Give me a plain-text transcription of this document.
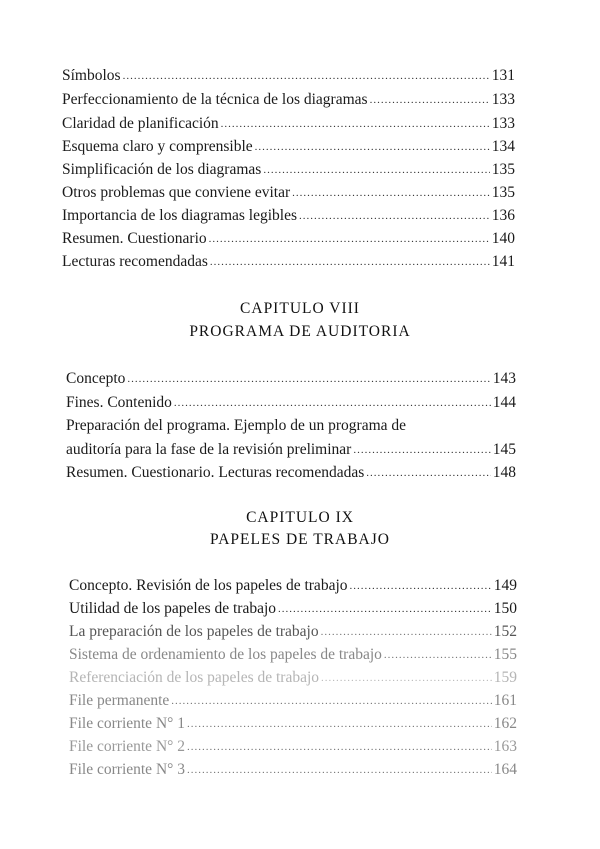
Símbolos .....	131
Perfeccionamiento de la técnica de los diagramas .....	133
Claridad de planificación .....	133
Esquema claro y comprensible .....	134
Simplificación de los diagramas .....	135
Otros problemas que conviene evitar .....	135
Importancia de los diagramas legibles .....	136
Resumen. Cuestionario .....	140
Lecturas recomendadas .....	141
CAPITULO VIII
PROGRAMA DE AUDITORIA
Concepto .....	143
Fines. Contenido .....	144
Preparación del programa. Ejemplo de un programa de
auditoría para la fase de la revisión preliminar .....	145
Resumen. Cuestionario. Lecturas recomendadas .....	148
CAPITULO IX
PAPELES DE TRABAJO
Concepto. Revisión de los papeles de trabajo .....	149
Utilidad de los papeles de trabajo .....	150
La preparación de los papeles de trabajo .....	152
Sistema de ordenamiento de los papeles de trabajo .....	155
Referenciación de los papeles de trabajo .....	159
File permanente .....	161
File corriente N° 1 .....	162
File corriente N° 2 .....	163
File corriente N° 3 .....	164
